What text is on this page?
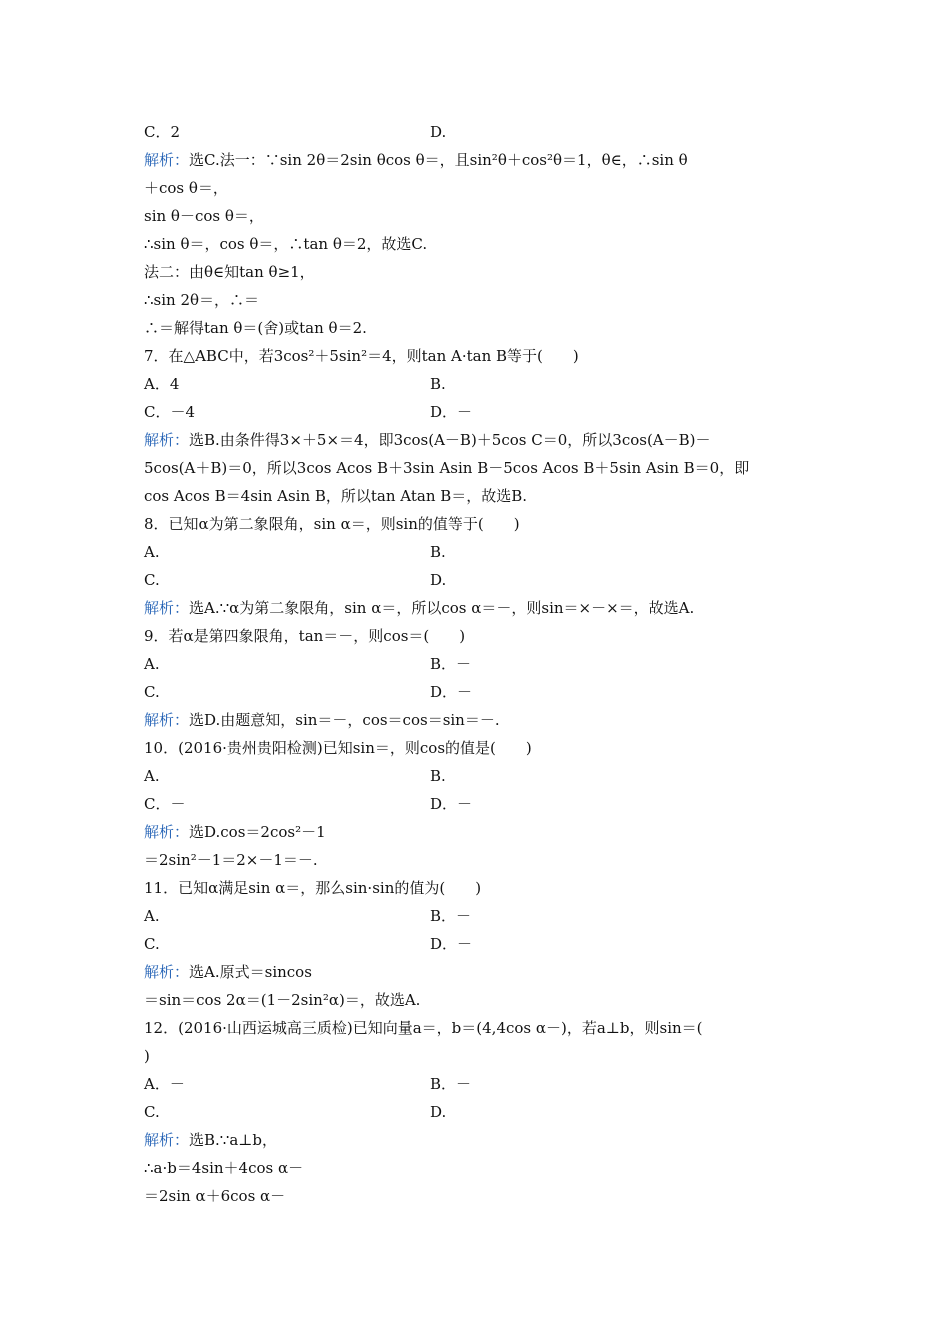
C．2	D.
解析：选C.法一：∵sin 2θ＝2sin θcos θ＝，且sin²θ＋cos²θ＝1，θ∈，∴sin θ
＋cos θ＝，
sin θ－cos θ＝，
∴sin θ＝，cos θ＝，∴tan θ＝2，故选C.
法二：由θ∈知tan θ≥1，
∴sin 2θ＝，∴＝
∴＝解得tan θ＝(舍)或tan θ＝2.
7．在△ABC中，若3cos²＋5sin²＝4，则tan A·tan B等于(　　)
A．4	B.
C．－4	D．－
解析：选B.由条件得3×＋5×＝4，即3cos(A－B)＋5cos C＝0，所以3cos(A－B)－
5cos(A＋B)＝0，所以3cos Acos B＋3sin Asin B－5cos Acos B＋5sin Asin B＝0，即
cos Acos B＝4sin Asin B，所以tan Atan B＝，故选B.
8．已知α为第二象限角，sin α＝，则sin的值等于(　　)
A.	B.
C.	D.
解析：选A.∵α为第二象限角，sin α＝，所以cos α＝－，则sin＝×－×＝，故选A.
9．若α是第四象限角，tan＝－，则cos＝(　　)
A.	B．－
C.	D．－
解析：选D.由题意知，sin＝－，cos＝cos＝sin＝－.
10．(2016·贵州贵阳检测)已知sin＝，则cos的值是(　　)
A.	B.
C．－	D．－
解析：选D.cos＝2cos²－1
＝2sin²－1＝2×－1＝－.
11．已知α满足sin α＝，那么sin·sin的值为(　　)
A.	B．－
C.	D．－
解析：选A.原式＝sincos
＝sin＝cos 2α＝(1－2sin²α)＝，故选A.
12．(2016·山西运城高三质检)已知向量a＝，b＝(4,4cos α－)，若a⊥b，则sin＝(
)
A．－	B．－
C.	D.
解析：选B.∵a⊥b，
∴a·b＝4sin＋4cos α－
＝2sin α＋6cos α－
